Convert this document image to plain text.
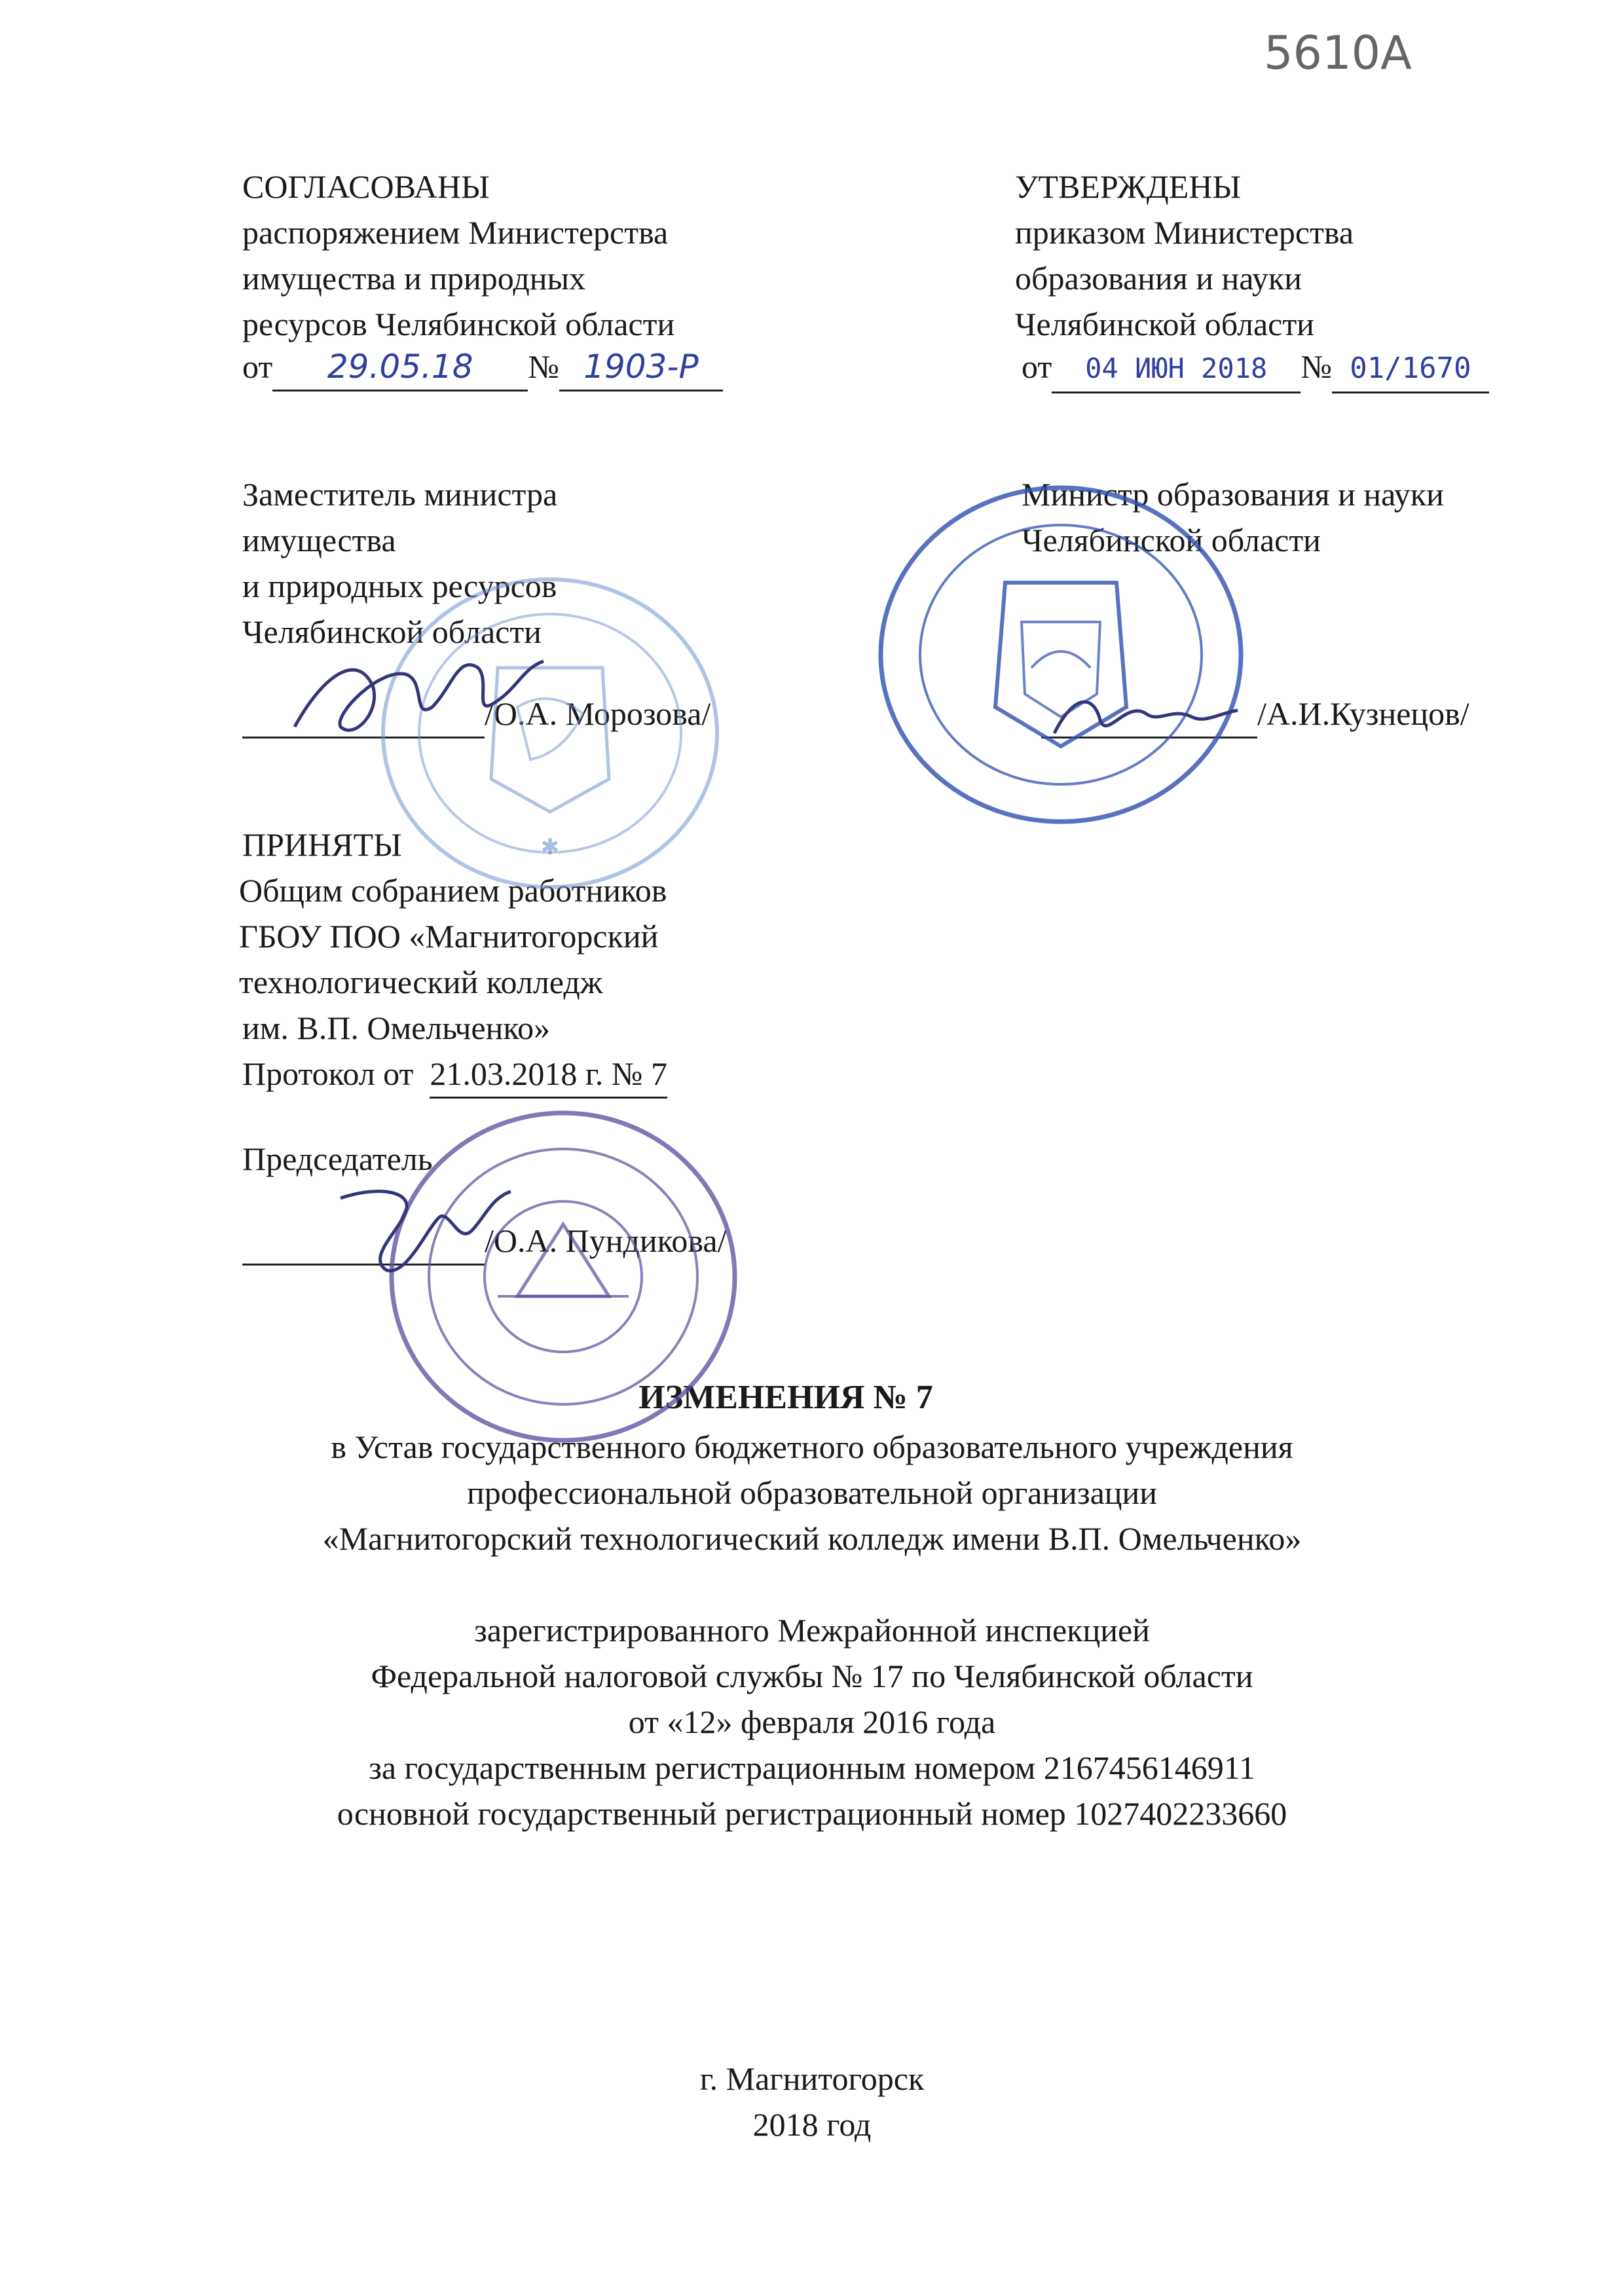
5610А
СОГЛАСОВАНЫ
распоряжением Министерства
имущества и природных
ресурсов Челябинской области
от 29.05.18 № 1903-Р
Заместитель министра
имущества
и природных ресурсов
Челябинской области
/О.А. Морозова/
УТВЕРЖДЕНЫ
приказом Министерства
образования и науки
Челябинской области
от 04 ИЮН 2018 № 01/1670
Министр образования и науки
Челябинской области
/А.И.Кузнецов/
ПРИНЯТЫ
Общим собранием работников
ГБОУ ПОО «Магнитогорский
технологический колледж
им. В.П. Омельченко»
Протокол от 21.03.2018 г. № 7
Председатель
/О.А. Пундикова/
ИЗМЕНЕНИЯ № 7
в Устав государственного бюджетного образовательного учреждения
профессиональной образовательной организации
«Магнитогорский технологический колледж имени В.П. Омельченко»
зарегистрированного Межрайонной инспекцией
Федеральной налоговой службы № 17 по Челябинской области
от «12» февраля 2016 года
за государственным регистрационным номером 2167456146911
основной государственный регистрационный номер 1027402233660
г. Магнитогорск
2018 год
✱
